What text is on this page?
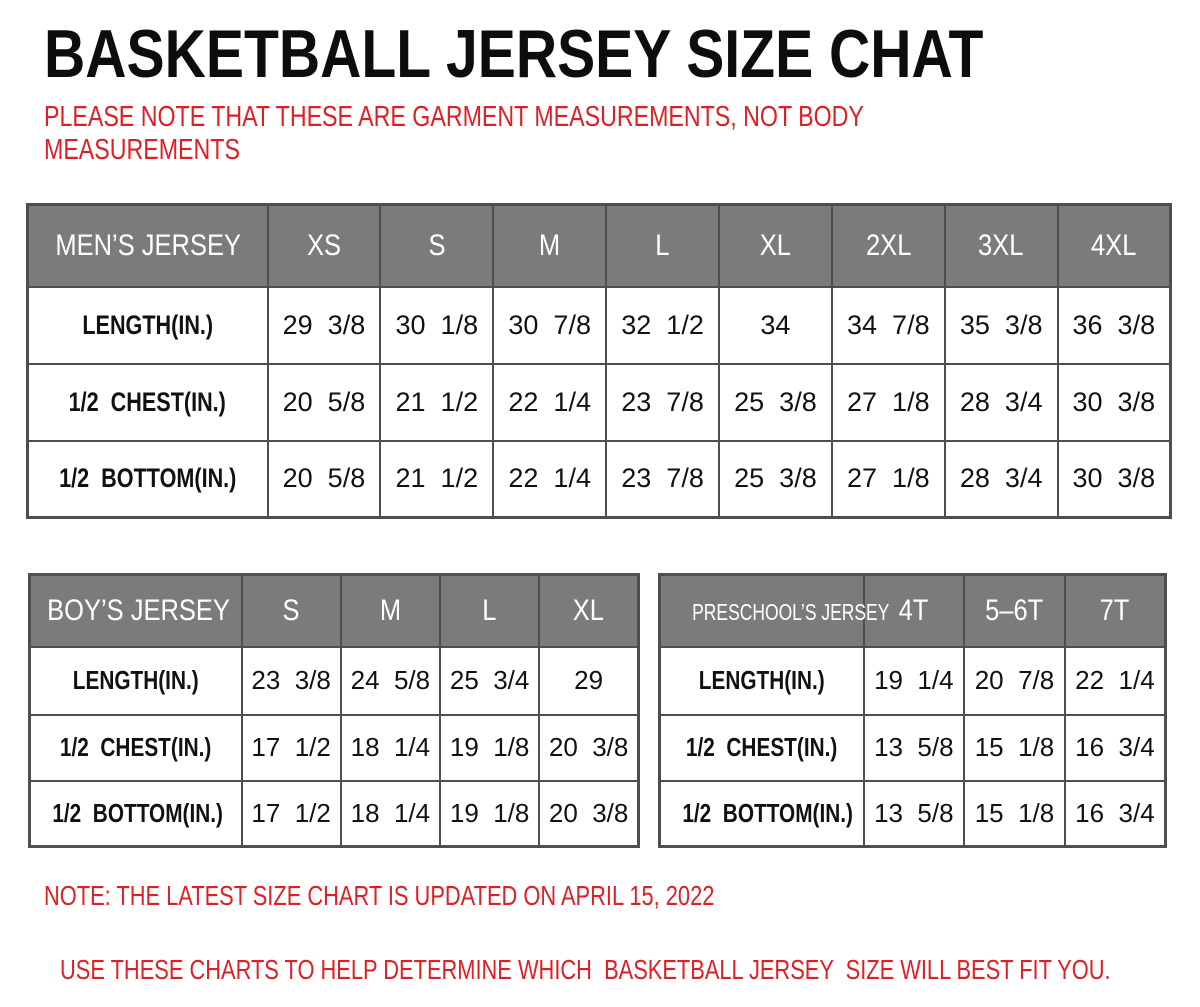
BASKETBALL JERSEY SIZE CHAT
PLEASE NOTE THAT THESE ARE GARMENT MEASUREMENTS, NOT BODY MEASUREMENTS
MEN’S JERSEY	XS	S	M	L	XL	2XL	3XL	4XL
LENGTH(IN.)	29  3/8	30  1/8	30  7/8	32  1/2	34	34  7/8	35  3/8	36  3/8
1/2  CHEST(IN.)	20  5/8	21  1/2	22  1/4	23  7/8	25  3/8	27  1/8	28  3/4	30  3/8
1/2  BOTTOM(IN.)	20  5/8	21  1/2	22  1/4	23  7/8	25  3/8	27  1/8	28  3/4	30  3/8
BOY’S JERSEY	S	M	L	XL
LENGTH(IN.)	23  3/8	24  5/8	25  3/4	29
1/2  CHEST(IN.)	17  1/2	18  1/4	19  1/8	20  3/8
1/2  BOTTOM(IN.)	17  1/2	18  1/4	19  1/8	20  3/8
PRESCHOOL’S JERSEY	4T	5–6T	7T
LENGTH(IN.)	19  1/4	20  7/8	22  1/4
1/2  CHEST(IN.)	13  5/8	15  1/8	16  3/4
1/2  BOTTOM(IN.)	13  5/8	15  1/8	16  3/4
NOTE: THE LATEST SIZE CHART IS UPDATED ON APRIL 15, 2022

USE THESE CHARTS TO HELP DETERMINE WHICH  BASKETBALL JERSEY  SIZE WILL BEST FIT YOU.
